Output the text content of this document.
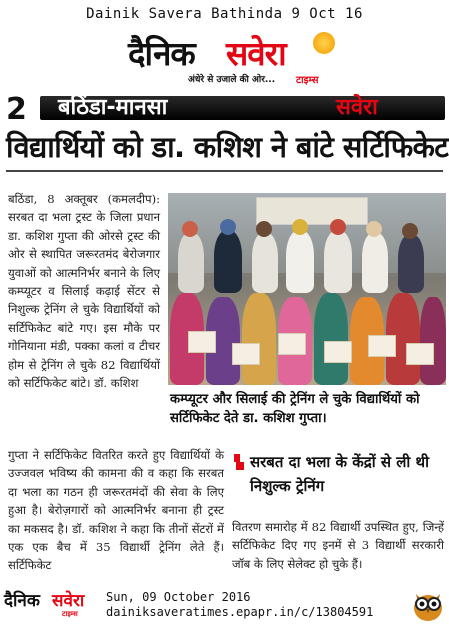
Dainik Savera Bathinda 9 Oct 16
दैनिक सवेरा
अंधेरे से उजाले की ओर... टाइम्स
2 बठिंडा-मानसा	सवेरा
विद्यार्थियों को डा. कशिश ने बांटे सर्टिफिकेट
बठिंडा, 8 अक्तूबर (कमलदीप): सरबत दा भला ट्रस्ट के जिला प्रधान डा. कशिश गुप्ता की ओरसे ट्रस्ट की ओर से स्थापित जरूरतमंद बेरोजगार युवाओं को आत्मनिर्भर बनाने के लिए कम्प्यूटर व सिलाई कढ़ाई सेंटर से निशुल्क ट्रेनिंग ले चुके विद्यार्थियों को सर्टिफिकेट बांटे गए। इस मौके पर गोनियाना मंडी, पक्का कलां व टीचर होम से ट्रेनिंग ले चुके 82 विद्यार्थियों को सर्टिफिकेट बांटे। डॉ. कशिश
कम्प्यूटर और सिलाई की ट्रेनिंग ले चुके विद्यार्थियों को सर्टिफिकेट देते डा. कशिश गुप्ता।
गुप्ता ने सर्टिफिकेट वितरित करते हुए विद्यार्थियों के उज्जवल भविष्य की कामना की व कहा कि सरबत दा भला का गठन ही जरूरतमंदों की सेवा के लिए हुआ है। बेरोज़गारों को आत्मनिर्भर बनाना ही ट्रस्ट का मकसद है। डॉ. कशिश ने कहा कि तीनों सेंटरों में एक एक बैच में 35 विद्यार्थी ट्रेनिंग लेते हैं। सर्टिफिकेट
सरबत दा भला के केंद्रों से ली थी निशुल्क ट्रेनिंग
वितरण समारोह में 82 विद्यार्थी उपस्थित हुए, जिन्हें सर्टिफिकेट दिए गए इनमें से 3 विद्यार्थी सरकारी जॉब के लिए सेलेक्ट हो चुके हैं।
दैनिक सवेरा
टाइम्स
Sun, 09 October 2016
dainiksaveratimes.epapr.in/c/13804591
